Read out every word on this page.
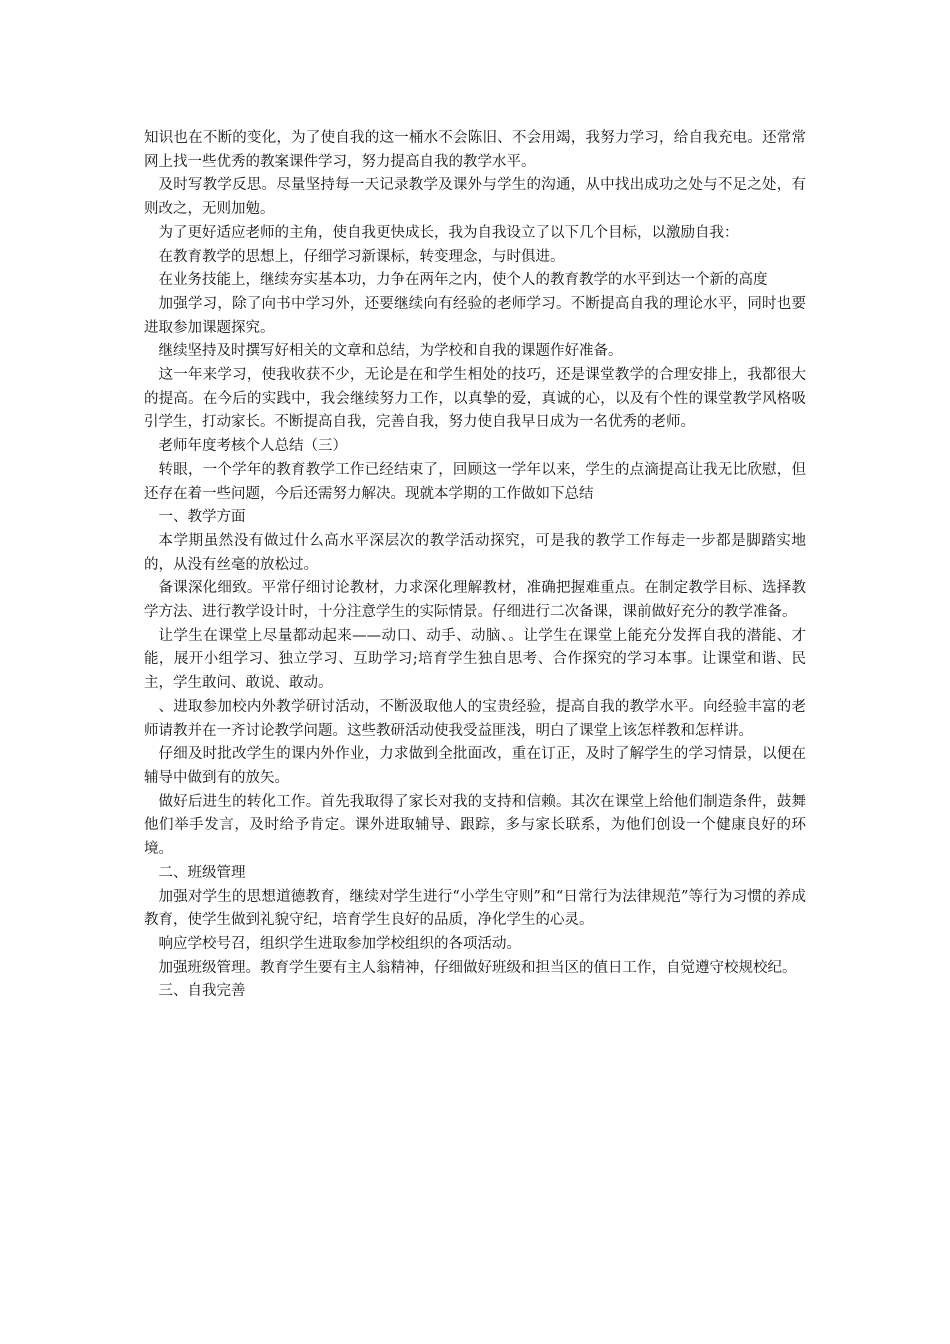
知识也在不断的变化，为了使自我的这一桶水不会陈旧、不会用竭，我努力学习，给自我充电。还常常网上找一些优秀的教案课件学习，努力提高自我的教学水平。

及时写教学反思。尽量坚持每一天记录教学及课外与学生的沟通，从中找出成功之处与不足之处，有则改之，无则加勉。

为了更好适应老师的主角，使自我更快成长，我为自我设立了以下几个目标，以激励自我：

在教育教学的思想上，仔细学习新课标，转变理念，与时俱进。

在业务技能上，继续夯实基本功，力争在两年之内，使个人的教育教学的水平到达一个新的高度

加强学习，除了向书中学习外，还要继续向有经验的老师学习。不断提高自我的理论水平，同时也要进取参加课题探究。

继续坚持及时撰写好相关的文章和总结，为学校和自我的课题作好准备。

这一年来学习，使我收获不少，无论是在和学生相处的技巧，还是课堂教学的合理安排上，我都很大的提高。在今后的实践中，我会继续努力工作，以真挚的爱，真诚的心，以及有个性的课堂教学风格吸引学生，打动家长。不断提高自我，完善自我，努力使自我早日成为一名优秀的老师。

老师年度考核个人总结（三）

转眼，一个学年的教育教学工作已经结束了，回顾这一学年以来，学生的点滴提高让我无比欣慰，但还存在着一些问题，今后还需努力解决。现就本学期的工作做如下总结

一、教学方面

本学期虽然没有做过什么高水平深层次的教学活动探究，可是我的教学工作每走一步都是脚踏实地的，从没有丝毫的放松过。

备课深化细致。平常仔细讨论教材，力求深化理解教材，准确把握难重点。在制定教学目标、选择教学方法、进行教学设计时，十分注意学生的实际情景。仔细进行二次备课，课前做好充分的教学准备。

让学生在课堂上尽量都动起来——动口、动手、动脑、。让学生在课堂上能充分发挥自我的潜能、才能，展开小组学习、独立学习、互助学习;培育学生独自思考、合作探究的学习本事。让课堂和谐、民主，学生敢问、敢说、敢动。

、进取参加校内外教学研讨活动，不断汲取他人的宝贵经验，提高自我的教学水平。向经验丰富的老师请教并在一齐讨论教学问题。这些教研活动使我受益匪浅，明白了课堂上该怎样教和怎样讲。

仔细及时批改学生的课内外作业，力求做到全批面改，重在订正，及时了解学生的学习情景，以便在辅导中做到有的放矢。

做好后进生的转化工作。首先我取得了家长对我的支持和信赖。其次在课堂上给他们制造条件，鼓舞他们举手发言，及时给予肯定。课外进取辅导、跟踪，多与家长联系，为他们创设一个健康良好的环境。

二、班级管理

加强对学生的思想道德教育，继续对学生进行“小学生守则”和“日常行为法律规范”等行为习惯的养成教育，使学生做到礼貌守纪，培育学生良好的品质，净化学生的心灵。

响应学校号召，组织学生进取参加学校组织的各项活动。

加强班级管理。教育学生要有主人翁精神，仔细做好班级和担当区的值日工作，自觉遵守校规校纪。

三、自我完善
